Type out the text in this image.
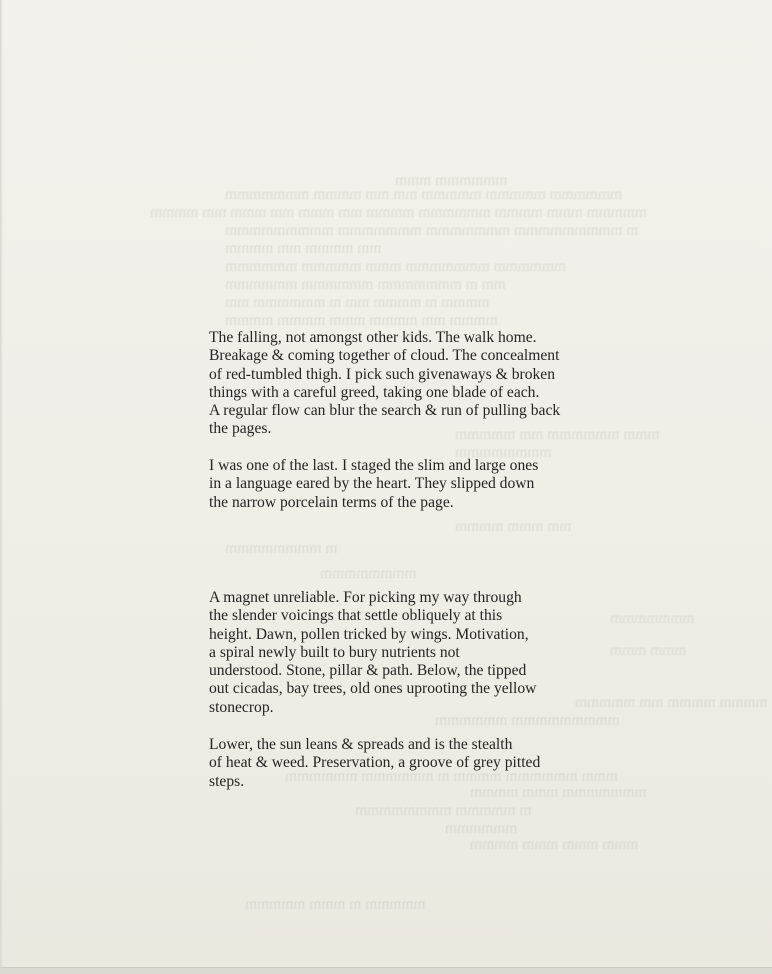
mmmmmm mmm
mmmmmm mmmmm mmmmm mm mm mmmm mmmmmmm
mmmmm mmm mmmm mmmmmm mmmm mm mmm mm mmm mm mmmm
m mmmmmmmmm mmmmmmm mmmmmmm mmmmmmmmm
mm mmmm mm mmmm
mmmmmm mmmmmmm mmm mmmmm mmmmmm
mm m mmmmmmm mmmmmm mmmmmm
mmmm m mmmm mm m mmmmmm mm
mmmm mm mmmm mmm mmmm mmmm
mmm mmmmmm mm mmmmm
mmmmmmmm
mm mmm mmmm
m mmmmmmmm
mmmmmmmm
mmmmmmm
mmm mmm
mmmm mmmm mm mmmmm
mmmmmmmmm mmmmmm
mmm mmmmmm mmmm m mmmmmm mmmmmm
mmmmmmm mmm mmmm
m mmmmm mmmmmmmm
mmmmmm
mmm mmm mmm mmmm
mmmmm m mmm mmmmm

The falling, not amongst other kids. The walk home.
Breakage & coming together of cloud. The concealment
of red-tumbled thigh. I pick such givenaways & broken
things with a careful greed, taking one blade of each.
A regular flow can blur the search & run of pulling back
the pages.

I was one of the last. I staged the slim and large ones
in a language eared by the heart. They slipped down
the narrow porcelain terms of the page.

A magnet unreliable. For picking my way through
the slender voicings that settle obliquely at this
height. Dawn, pollen tricked by wings. Motivation,
a spiral newly built to bury nutrients not
understood. Stone, pillar & path. Below, the tipped
out cicadas, bay trees, old ones uprooting the yellow
stonecrop.

Lower, the sun leans & spreads and is the stealth
of heat & weed. Preservation, a groove of grey pitted
steps.
